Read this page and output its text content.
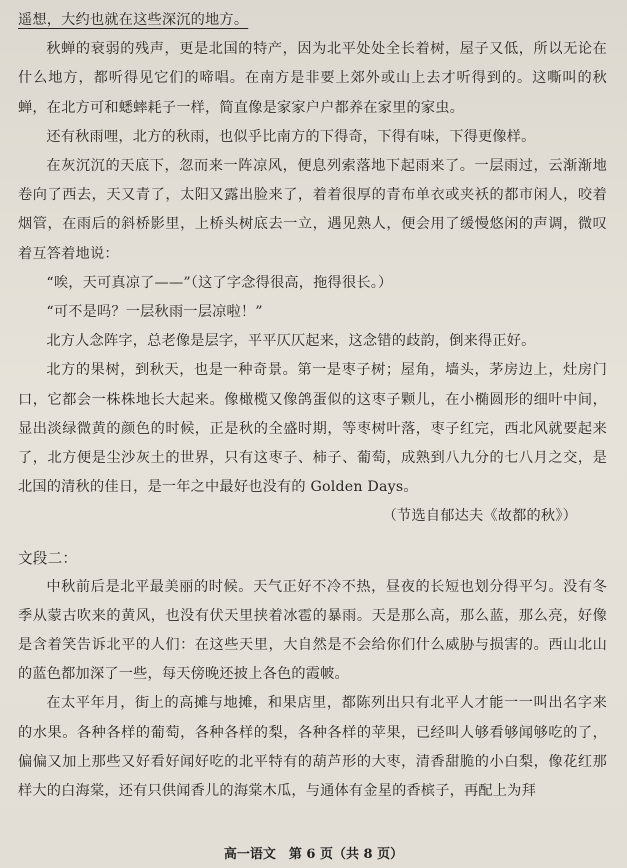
遥想，大约也就在这些深沉的地方。

秋蝉的衰弱的残声，更是北国的特产，因为北平处处全长着树，屋子又低，所以无论在什么地方，都听得见它们的啼唱。在南方是非要上郊外或山上去才听得到的。这嘶叫的秋蝉，在北方可和蟋蟀耗子一样，简直像是家家户户都养在家里的家虫。

还有秋雨哩，北方的秋雨，也似乎比南方的下得奇，下得有味，下得更像样。

在灰沉沉的天底下，忽而来一阵凉风，便息列索落地下起雨来了。一层雨过，云渐渐地卷向了西去，天又青了，太阳又露出脸来了，着着很厚的青布单衣或夹袄的都市闲人，咬着烟管，在雨后的斜桥影里，上桥头树底去一立，遇见熟人，便会用了缓慢悠闲的声调，微叹着互答着地说：

“唉，天可真凉了——”（这了字念得很高，拖得很长。）

“可不是吗？一层秋雨一层凉啦！”

北方人念阵字，总老像是层字，平平仄仄起来，这念错的歧韵，倒来得正好。

北方的果树，到秋天，也是一种奇景。第一是枣子树；屋角，墙头，茅房边上，灶房门口，它都会一株株地长大起来。像橄榄又像鸽蛋似的这枣子颗儿，在小椭圆形的细叶中间，显出淡绿微黄的颜色的时候，正是秋的全盛时期，等枣树叶落，枣子红完，西北风就要起来了，北方便是尘沙灰土的世界，只有这枣子、柿子、葡萄，成熟到八九分的七八月之交，是北国的清秋的佳日，是一年之中最好也没有的 Golden Days。

（节选自郁达夫《故都的秋》）

文段二：

中秋前后是北平最美丽的时候。天气正好不冷不热，昼夜的长短也划分得平匀。没有冬季从蒙古吹来的黄风，也没有伏天里挟着冰雹的暴雨。天是那么高，那么蓝，那么亮，好像是含着笑告诉北平的人们：在这些天里，大自然是不会给你们什么威胁与损害的。西山北山的蓝色都加深了一些，每天傍晚还披上各色的霞帔。

在太平年月，街上的高摊与地摊，和果店里，都陈列出只有北平人才能一一叫出名字来的水果。各种各样的葡萄，各种各样的梨，各种各样的苹果，已经叫人够看够闻够吃的了，偏偏又加上那些又好看好闻好吃的北平特有的葫芦形的大枣，清香甜脆的小白梨，像花红那样大的白海棠，还有只供闻香儿的海棠木瓜，与通体有金星的香槟子，再配上为拜

高一语文　第 6 页（共 8 页）
